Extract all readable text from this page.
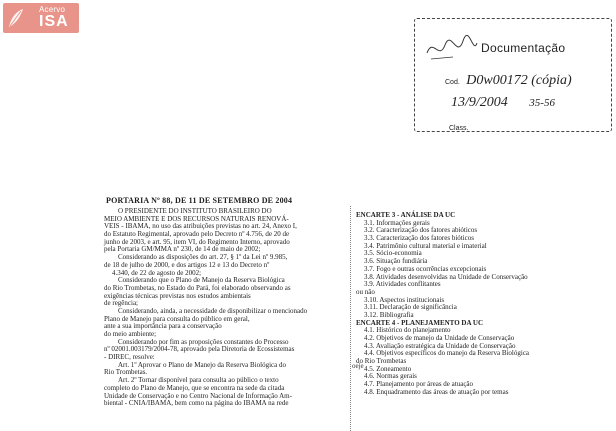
Acervo
ISA
Documentação
Cod. D0w00172 (cópia)
13/9/2004 35-56
Class.
PORTARIA Nº 88, DE 11 DE SETEMBRO DE 2004
O PRESIDENTE DO INSTITUTO BRASILEIRO DO
MEIO AMBIENTE E DOS RECURSOS NATURAIS RENOVÁ-
VEIS - IBAMA, no uso das atribuições previstas no art. 24, Anexo I,
do Estatuto Regimental, aprovado pelo Decreto nº 4.756, de 20 de
junho de 2003, e art. 95, item VI, do Regimento Interno, aprovado
pela Portaria GM/MMA nº 230, de 14 de maio de 2002;
Considerando as disposições do art. 27, § 1º da Lei nº 9.985,
de 18 de julho de 2000, e dos artigos 12 e 13 do Decreto nº
4.340, de 22 de agosto de 2002;
Considerando que o Plano de Manejo da Reserva Biológica
do Rio Trombetas, no Estado do Pará, foi elaborado observando as
exigências técnicas previstas nos estudos ambientais
de regência;
Considerando, ainda, a necessidade de disponibilizar o mencionado
Plano de Manejo para consulta do público em geral,
ante a sua importância para a conservação
do meio ambiente;
Considerando por fim as proposições constantes do Processo
nº 02001.003179/2004-78, aprovado pela Diretoria de Ecossistemas
- DIREC, resolve:
Art. 1º Aprovar o Plano de Manejo da Reserva Biológica do
Rio Trombetas.
Art. 2º Tornar disponível para consulta ao público o texto
completo do Plano de Manejo, que se encontra na sede da citada
Unidade de Conservação e no Centro Nacional de Informação Am-
biental - CNIA/IBAMA, bem como na página do IBAMA na rede
ENCARTE 3 - ANÁLISE DA UC
3.1. Informações gerais
3.2. Caracterização dos fatores abióticos
3.3. Caracterização dos fatores bióticos
3.4. Patrimônio cultural material e imaterial
3.5. Sócio-economia
3.6. Situação fundiária
3.7. Fogo e outras ocorrências excepcionais
3.8. Atividades desenvolvidas na Unidade de Conservação
3.9. Atividades conflitantes
ou não
3.10. Aspectos institucionais
3.11. Declaração de significância
3.12. Bibliografia
ENCARTE 4 - PLANEJAMENTO DA UC
4.1. Histórico do planejamento
4.2. Objetivos de manejo da Unidade de Conservação
4.3. Avaliação estratégica da Unidade de Conservação
4.4. Objetivos específicos do manejo da Reserva Biológica
do Rio Trombetas
4.5. Zoneamento
4.6. Normas gerais
4.7. Planejamento por áreas de atuação
4.8. Enquadramento das áreas de atuação por temas
oeje
